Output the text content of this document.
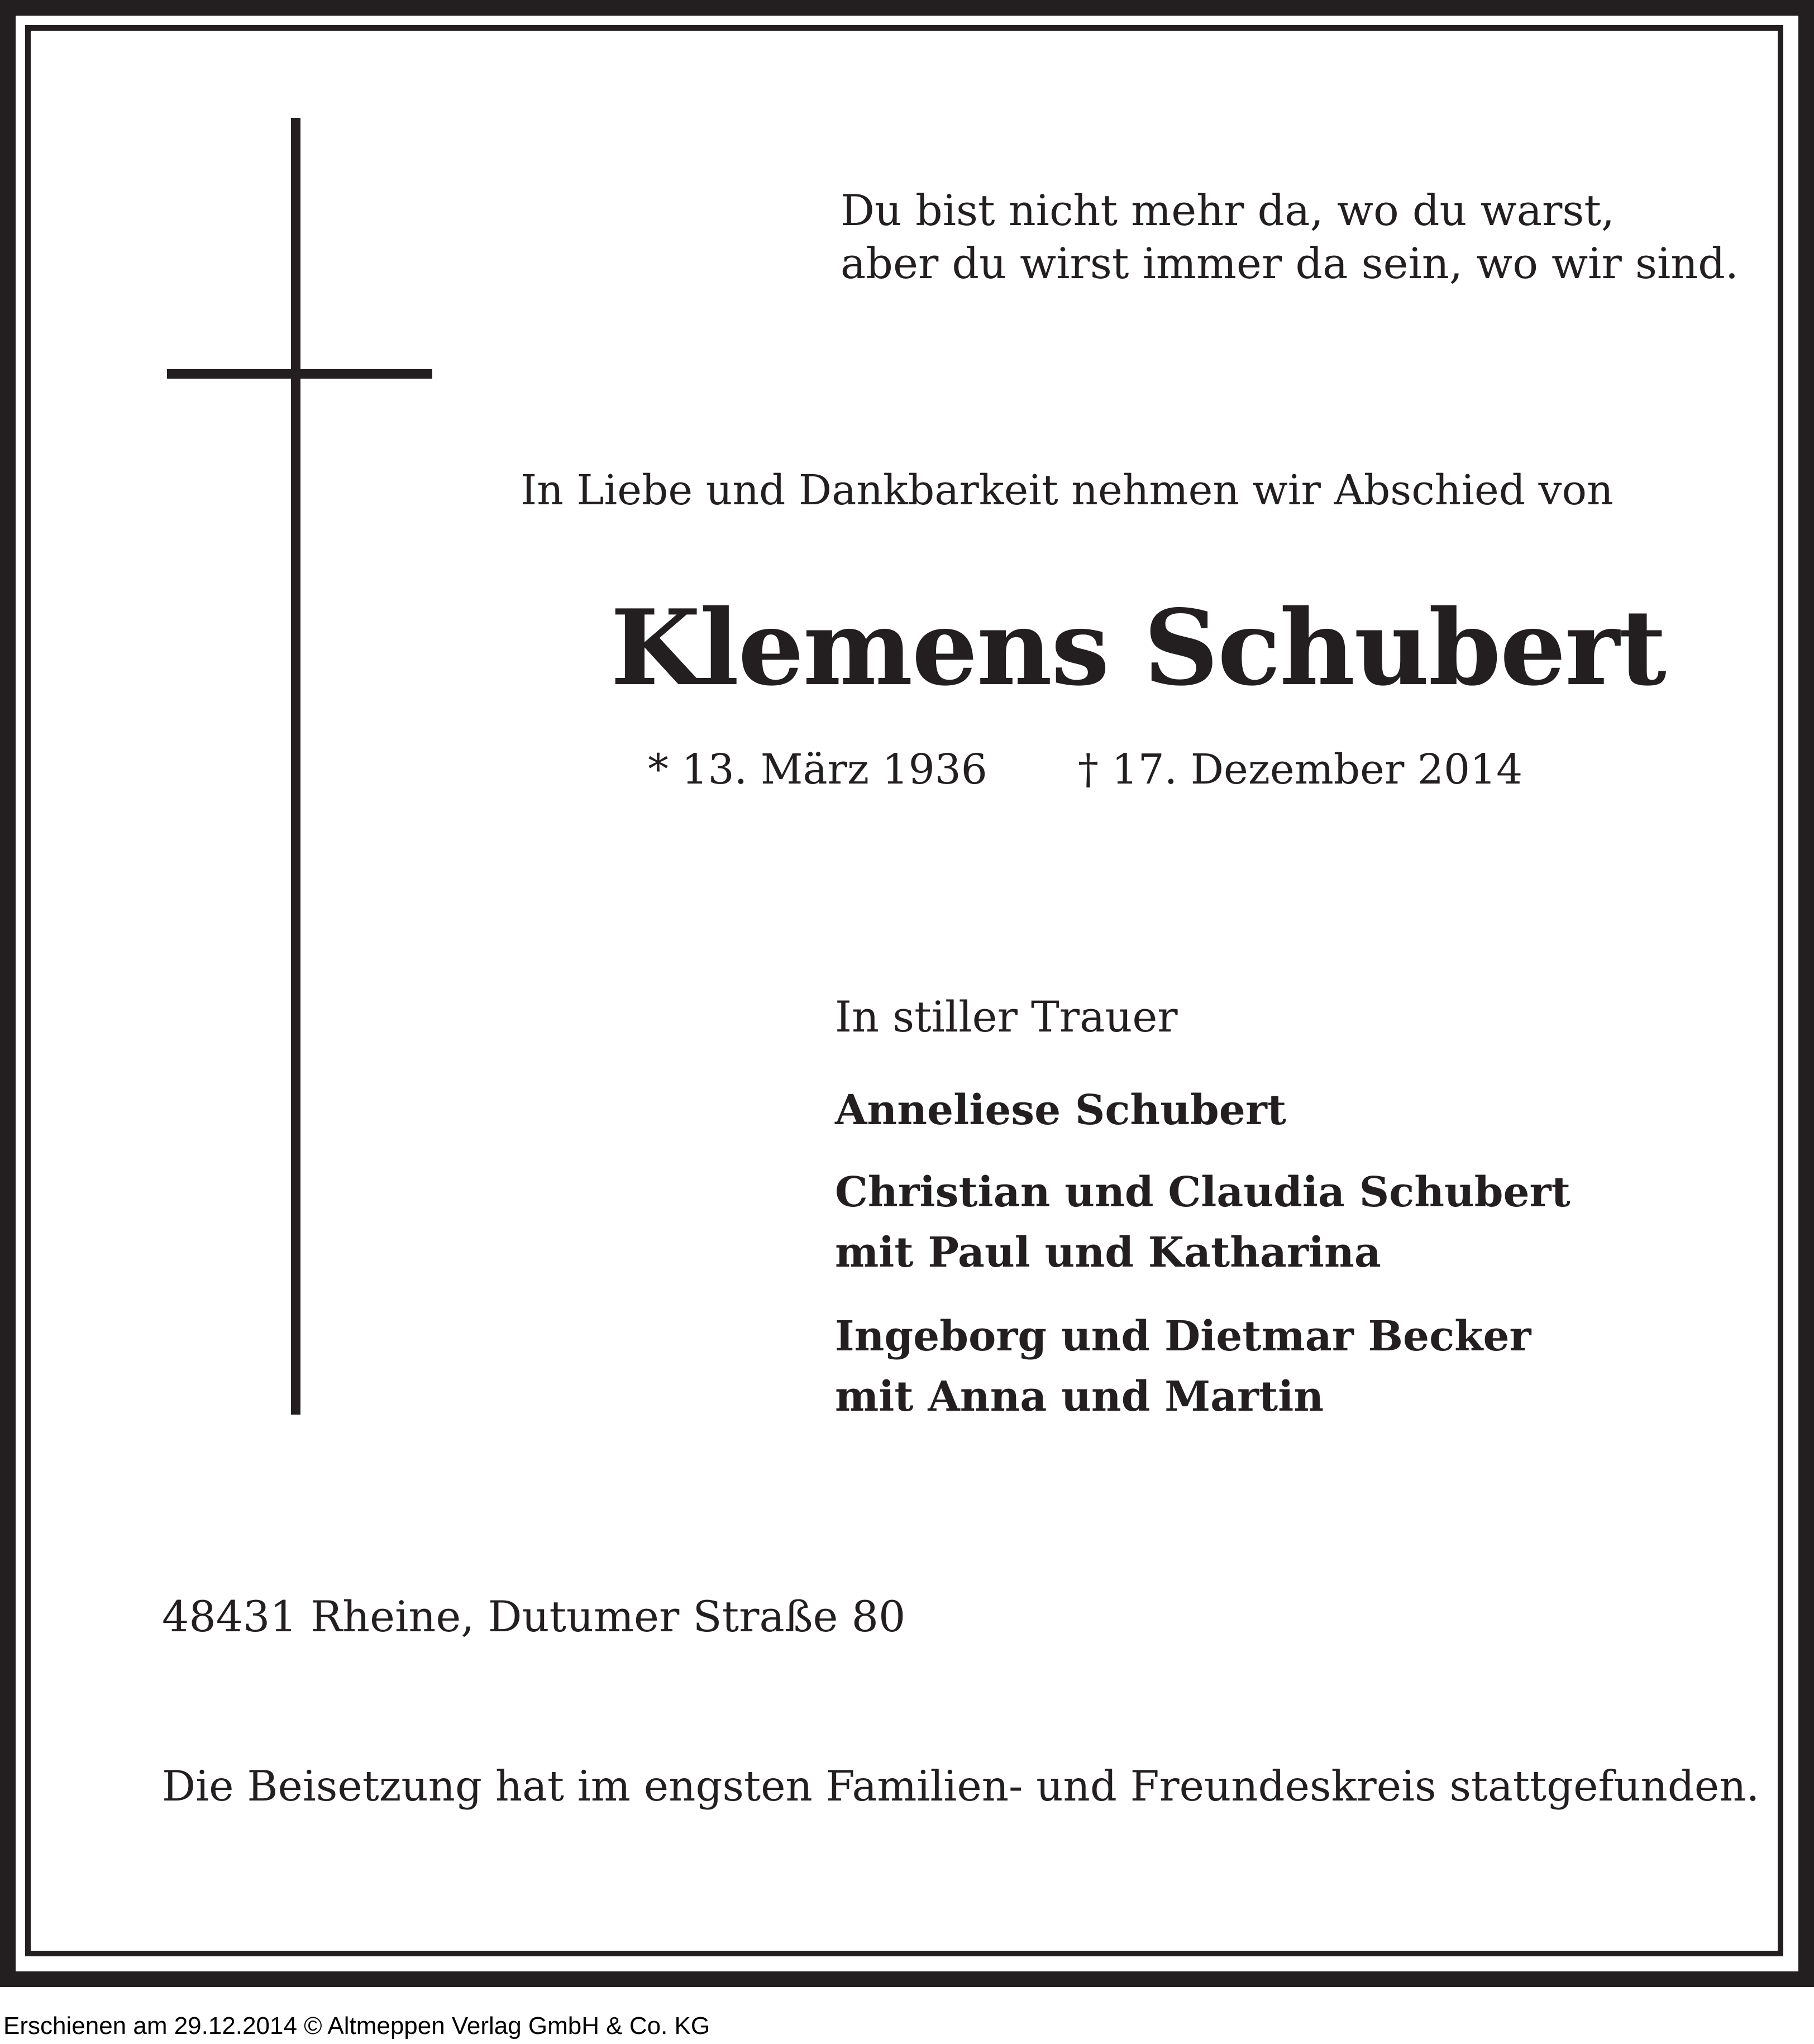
Du bist nicht mehr da, wo du warst,

aber du wirst immer da sein, wo wir sind.

In Liebe und Dankbarkeit nehmen wir Abschied von

Klemens Schubert

* 13. März 1936 † 17. Dezember 2014

In stiller Trauer

Anneliese Schubert

Christian und Claudia Schubert

mit Paul und Katharina

Ingeborg und Dietmar Becker

mit Anna und Martin

48431 Rheine, Dutumer Straße 80

Die Beisetzung hat im engsten Familien- und Freundeskreis stattgefunden.

Erschienen am 29.12.2014 © Altmeppen Verlag GmbH & Co. KG
